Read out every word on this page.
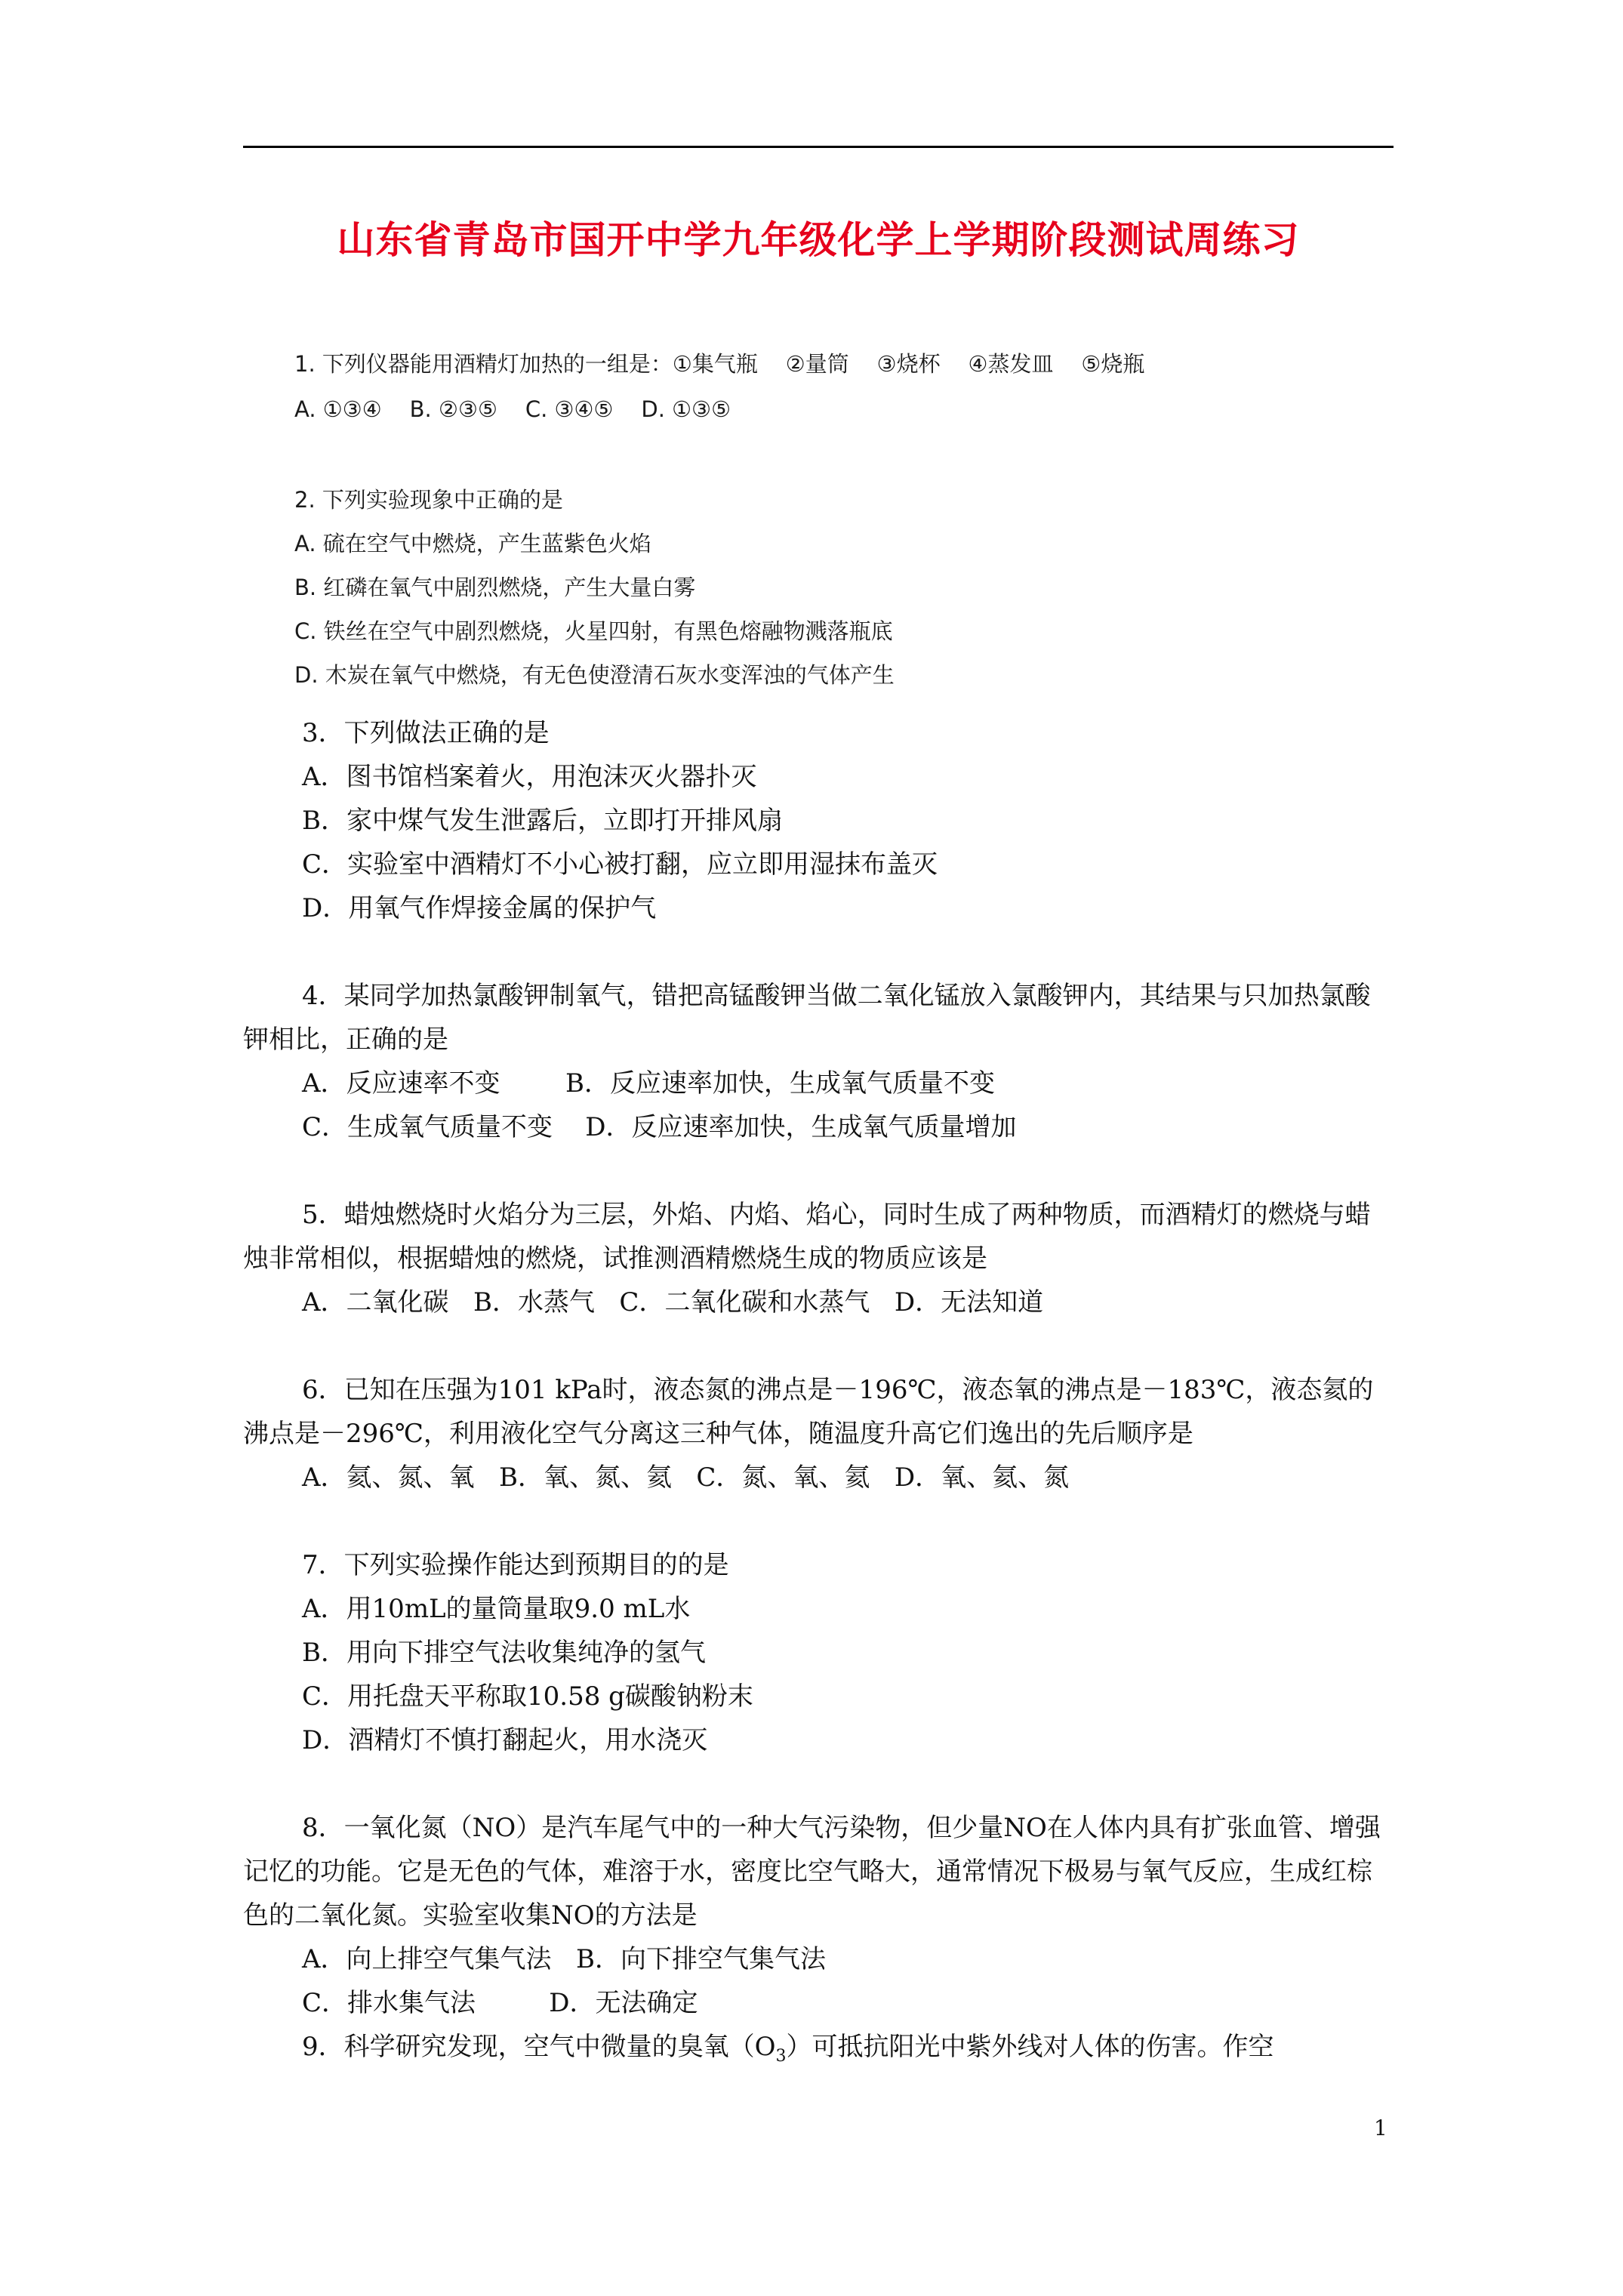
山东省青岛市国开中学九年级化学上学期阶段测试周练习
1. 下列仪器能用酒精灯加热的一组是：①集气瓶    ②量筒    ③烧杯    ④蒸发皿    ⑤烧瓶
A. ①③④    B. ②③⑤    C. ③④⑤    D. ①③⑤
2. 下列实验现象中正确的是
A. 硫在空气中燃烧，产生蓝紫色火焰
B. 红磷在氧气中剧烈燃烧，产生大量白雾
C. 铁丝在空气中剧烈燃烧，火星四射，有黑色熔融物溅落瓶底
D. 木炭在氧气中燃烧，有无色使澄清石灰水变浑浊的气体产生

3．下列做法正确的是

A．图书馆档案着火，用泡沫灭火器扑灭

B．家中煤气发生泄露后，立即打开排风扇

C．实验室中酒精灯不小心被打翻，应立即用湿抹布盖灭

D．用氧气作焊接金属的保护气

4．某同学加热氯酸钾制氧气，错把高锰酸钾当做二氧化锰放入氯酸钾内，其结果与只加热氯酸钾相比，正确的是

A．反应速率不变        B．反应速率加快，生成氧气质量不变

C．生成氧气质量不变    D．反应速率加快，生成氧气质量增加

5．蜡烛燃烧时火焰分为三层，外焰、内焰、焰心，同时生成了两种物质，而酒精灯的燃烧与蜡烛非常相似，根据蜡烛的燃烧，试推测酒精燃烧生成的物质应该是

A．二氧化碳   B．水蒸气   C．二氧化碳和水蒸气   D．无法知道

6．已知在压强为101 kPa时，液态氮的沸点是－196℃，液态氧的沸点是－183℃，液态氦的沸点是－296℃，利用液化空气分离这三种气体，随温度升高它们逸出的先后顺序是

A．氦、氮、氧   B．氧、氮、氦   C．氮、氧、氦   D．氧、氦、氮

7．下列实验操作能达到预期目的的是

A．用10mL的量筒量取9.0 mL水

B．用向下排空气法收集纯净的氢气

C．用托盘天平称取10.58 g碳酸钠粉末

D．酒精灯不慎打翻起火，用水浇灭

8．一氧化氮（NO）是汽车尾气中的一种大气污染物，但少量NO在人体内具有扩张血管、增强记忆的功能。它是无色的气体，难溶于水，密度比空气略大，通常情况下极易与氧气反应，生成红棕色的二氧化氮。实验室收集NO的方法是

A．向上排空气集气法   B．向下排空气集气法

C．排水集气法         D．无法确定

9．科学研究发现，空气中微量的臭氧$(O_3)$可抵抗阳光中紫外线对人体的伤害。作空

1
